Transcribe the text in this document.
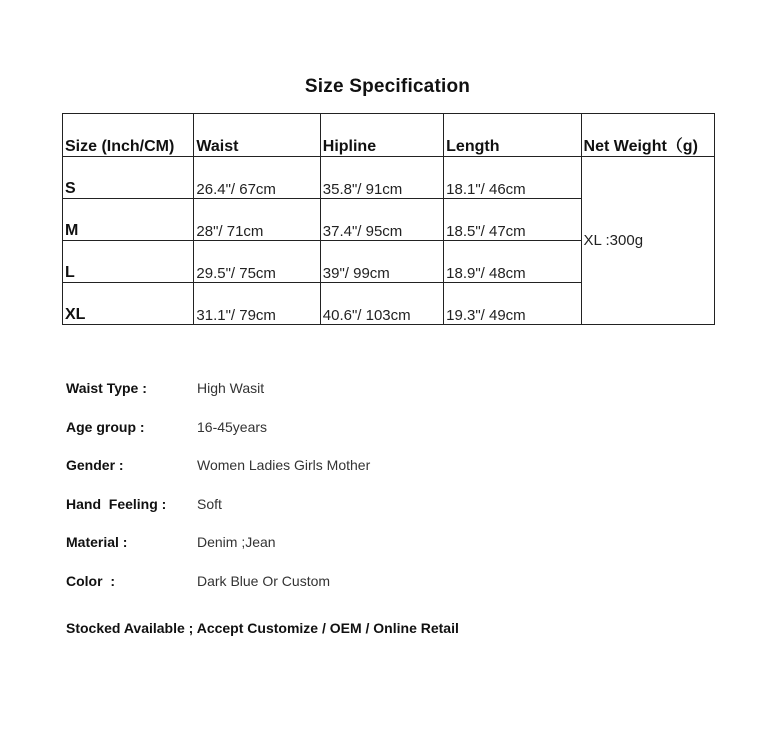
Size Specification
Size (Inch/CM)	Waist	Hipline	Length	Net Weight（g)
S	26.4"/ 67cm	35.8"/ 91cm	18.1"/ 46cm	XL :300g
M	28"/ 71cm	37.4"/ 95cm	18.5"/ 47cm	
L	29.5"/ 75cm	39"/ 99cm	18.9"/ 48cm	
XL	31.1"/ 79cm	40.6"/ 103cm	19.3"/ 49cm	
Waist Type :	High Wasit
Age group :	16-45years
Gender :	Women Ladies Girls Mother
Hand  Feeling :	Soft
Material :	Denim ;Jean
Color  :	Dark Blue Or Custom
Stocked Available ; Accept Customize / OEM / Online Retail
